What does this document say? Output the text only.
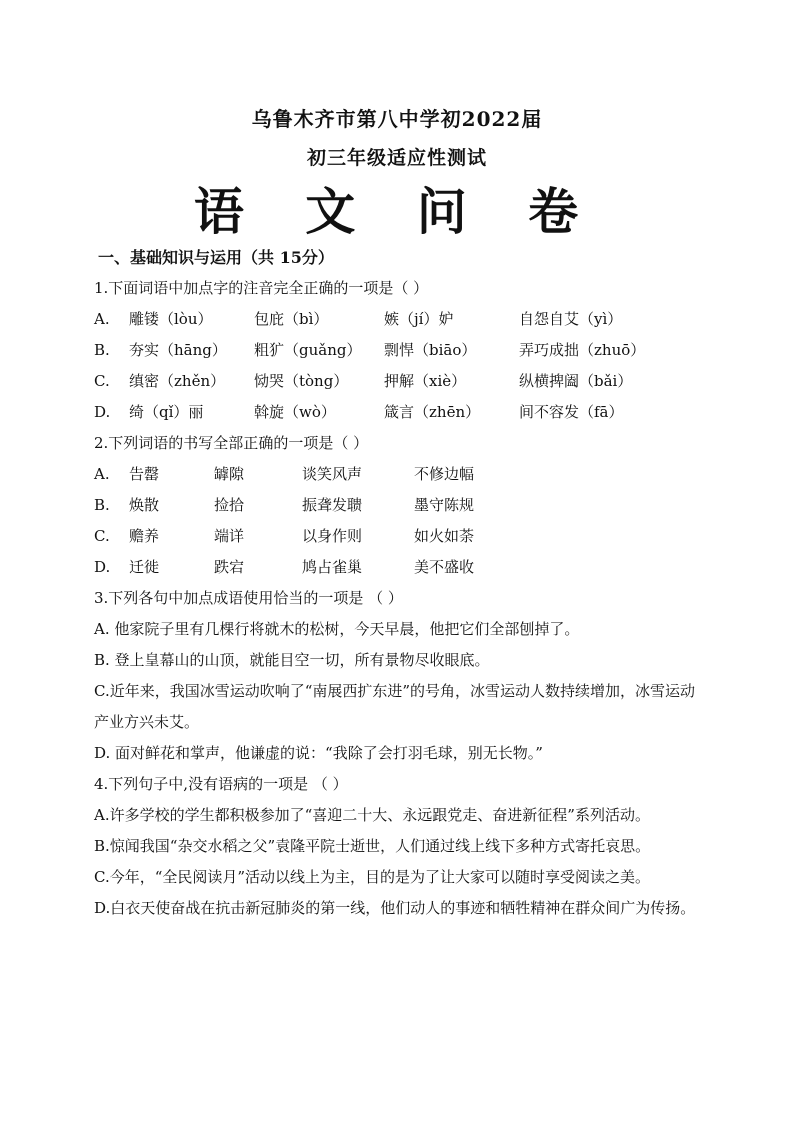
乌鲁木齐市第八中学初2022届
初三年级适应性测试
语 文 问 卷
一、基础知识与运用（共 15分）
1.下面词语中加点字的注音完全正确的一项是（ ）
A. 雕镂（lòu）	包庇（bì）	嫉（jí）妒	自怨自艾（yì）
B. 夯实（hāng） 粗犷（guǎng） 剽悍（biāo）	弄巧成拙（zhuō）
C. 缜密（zhěn） 恸哭（tòng） 押解（xiè）	纵横捭阖（bǎi）
D. 绮（qǐ）丽	斡旋（wò）	箴言（zhēn）	间不容发（fā）
2.下列词语的书写全部正确的一项是（ ）
A. 告罄	罅隙	谈笑风声	不修边幅
B. 焕散	捡拾	振聋发聩	墨守陈规
C. 赡养	端详	以身作则	如火如荼
D. 迁徙	跌宕	鸠占雀巢	美不盛收
3.下列各句中加点成语使用恰当的一项是 （ ）
A. 他家院子里有几棵行将就木的松树，今天早晨，他把它们全部刨掉了。
B. 登上皇幕山的山顶，就能目空一切，所有景物尽收眼底。
C.近年来，我国冰雪运动吹响了“南展西扩东进”的号角，冰雪运动人数持续增加，冰雪运动产业方兴未艾。
D. 面对鲜花和掌声，他谦虚的说：“我除了会打羽毛球，别无长物。”
4.下列句子中,没有语病的一项是 （ ）
A.许多学校的学生都积极参加了“喜迎二十大、永远跟党走、奋进新征程”系列活动。
B.惊闻我国“杂交水稻之父”袁隆平院士逝世，人们通过线上线下多种方式寄托哀思。
C.今年，“全民阅读月”活动以线上为主，目的是为了让大家可以随时享受阅读之美。
D.白衣天使奋战在抗击新冠肺炎的第一线，他们动人的事迹和牺牲精神在群众间广为传扬。
